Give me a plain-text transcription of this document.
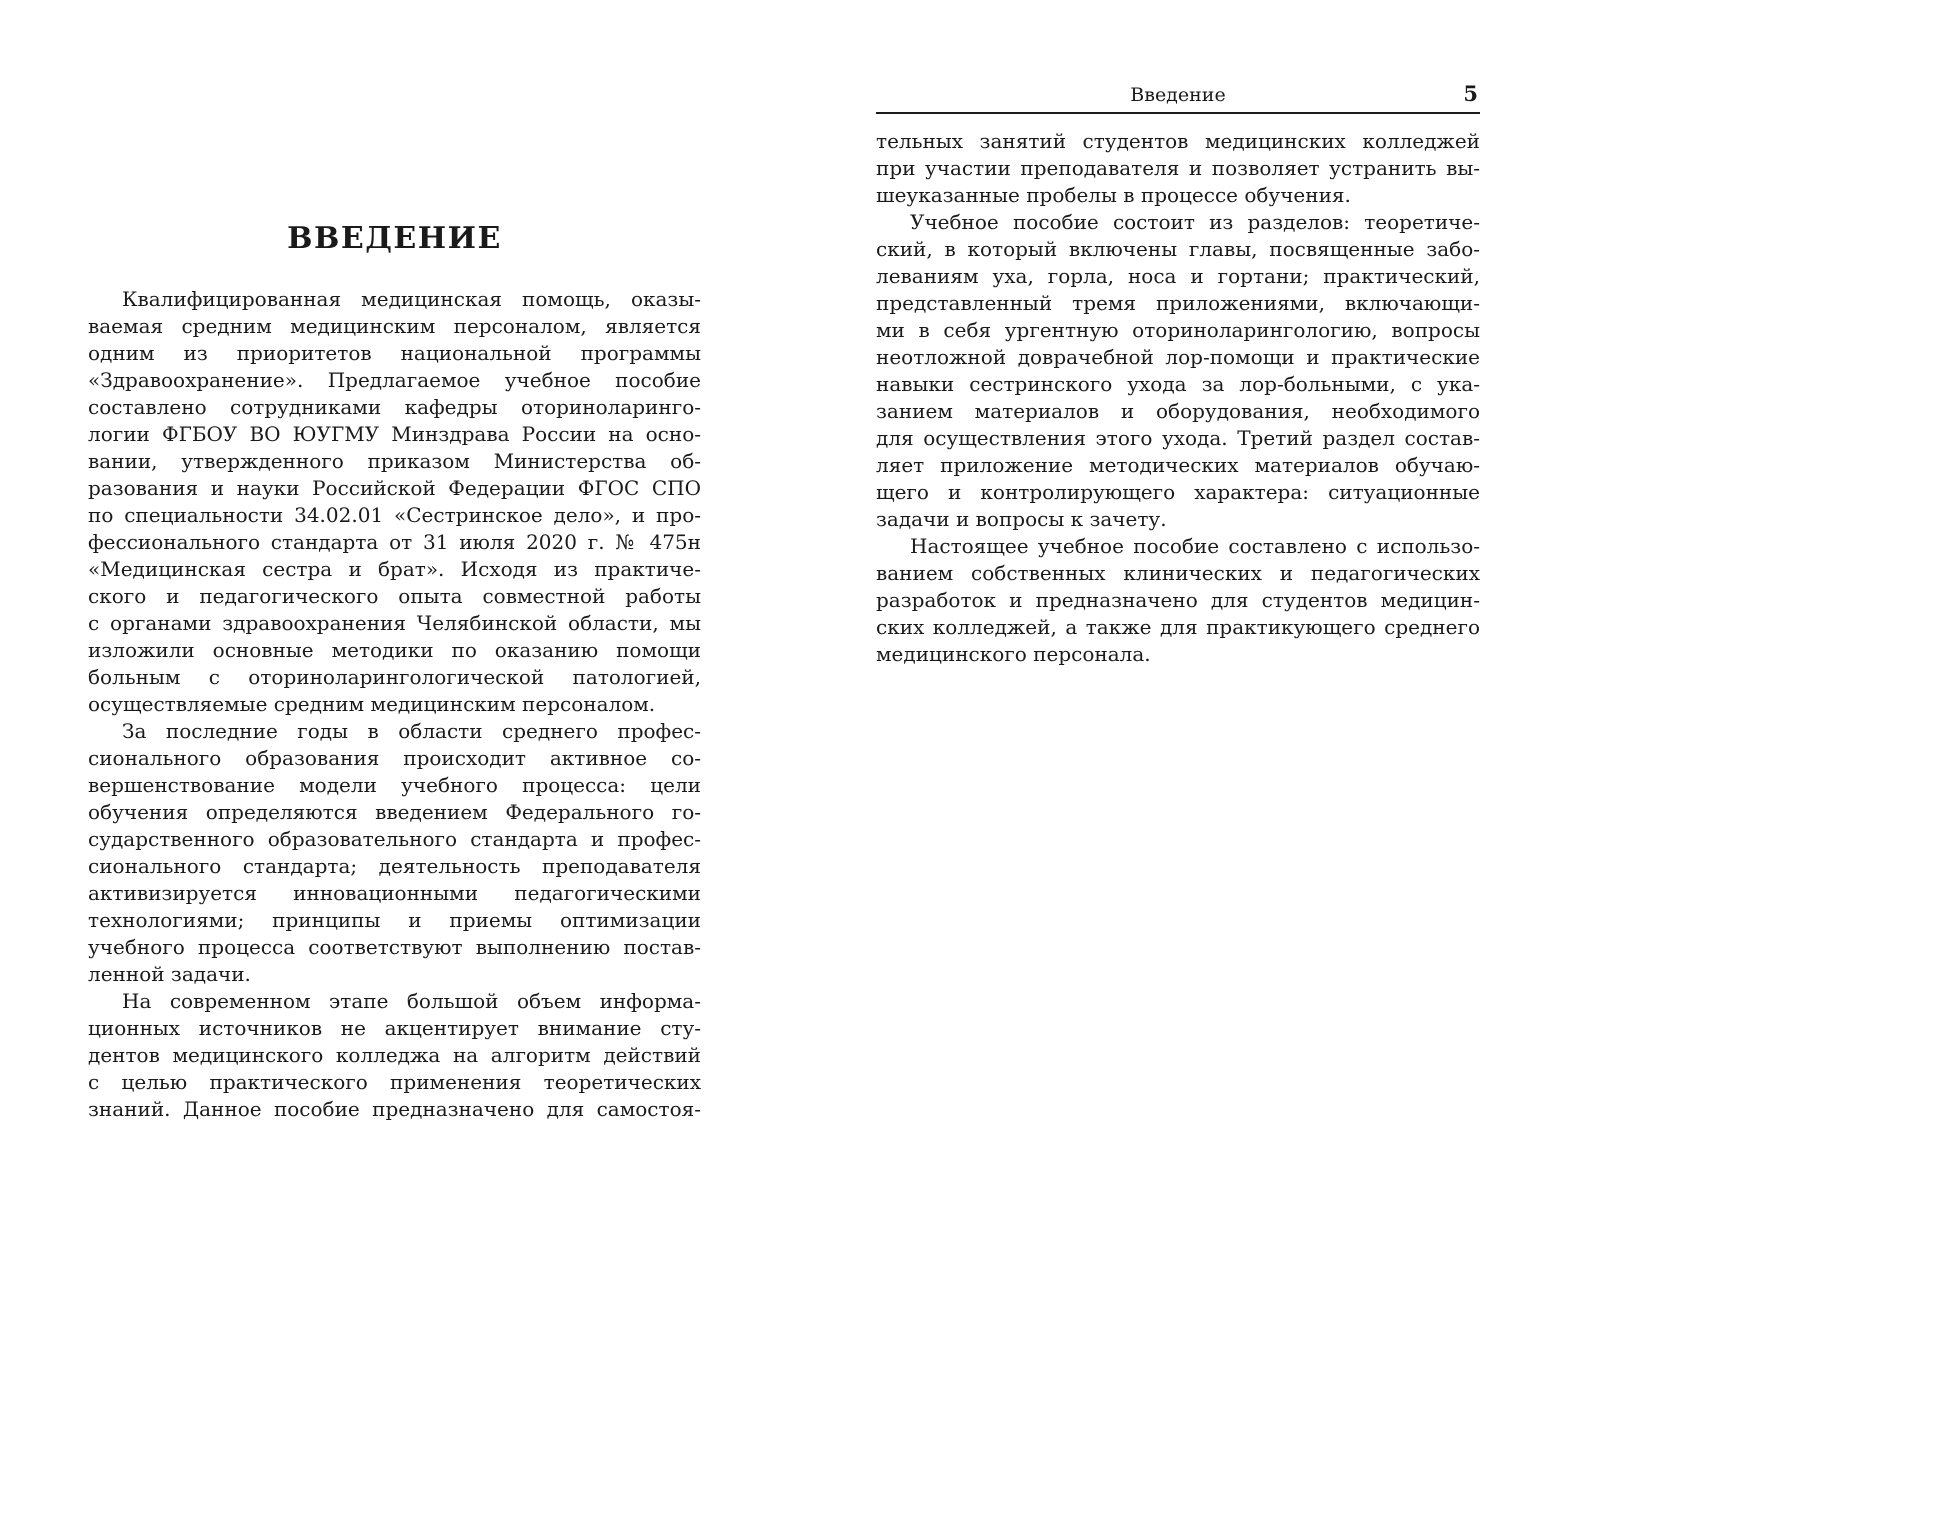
ВВЕДЕНИЕ
Квалифицированная медицинская помощь, оказы-
ваемая средним медицинским персоналом, является
одним из приоритетов национальной программы
«Здравоохранение». Предлагаемое учебное пособие
составлено сотрудниками кафедры оториноларинго-
логии ФГБОУ ВО ЮУГМУ Минздрава России на осно-
вании, утвержденного приказом Министерства об-
разования и науки Российской Федерации ФГОС СПО
по специальности 34.02.01 «Сестринское дело», и про-
фессионального стандарта от 31 июля 2020 г. № 475н
«Медицинская сестра и брат». Исходя из практиче-
ского и педагогического опыта совместной работы
с органами здравоохранения Челябинской области, мы
изложили основные методики по оказанию помощи
больным с оториноларингологической патологией,
осуществляемые средним медицинским персоналом.
За последние годы в области среднего профес-
сионального образования происходит активное со-
вершенствование модели учебного процесса: цели
обучения определяются введением Федерального го-
сударственного образовательного стандарта и профес-
сионального стандарта; деятельность преподавателя
активизируется инновационными педагогическими
технологиями; принципы и приемы оптимизации
учебного процесса соответствуют выполнению постав-
ленной задачи.
На современном этапе большой объем информа-
ционных источников не акцентирует внимание сту-
дентов медицинского колледжа на алгоритм действий
с целью практического применения теоретических
знаний. Данное пособие предназначено для самостоя-
Введение	5
тельных занятий студентов медицинских колледжей
при участии преподавателя и позволяет устранить вы-
шеуказанные пробелы в процессе обучения.
Учебное пособие состоит из разделов: теоретиче-
ский, в который включены главы, посвященные забо-
леваниям уха, горла, носа и гортани; практический,
представленный тремя приложениями, включающи-
ми в себя ургентную оториноларингологию, вопросы
неотложной доврачебной лор-помощи и практические
навыки сестринского ухода за лор-больными, с ука-
занием материалов и оборудования, необходимого
для осуществления этого ухода. Третий раздел состав-
ляет приложение методических материалов обучаю-
щего и контролирующего характера: ситуационные
задачи и вопросы к зачету.
Настоящее учебное пособие составлено с использо-
ванием собственных клинических и педагогических
разработок и предназначено для студентов медицин-
ских колледжей, а также для практикующего среднего
медицинского персонала.
